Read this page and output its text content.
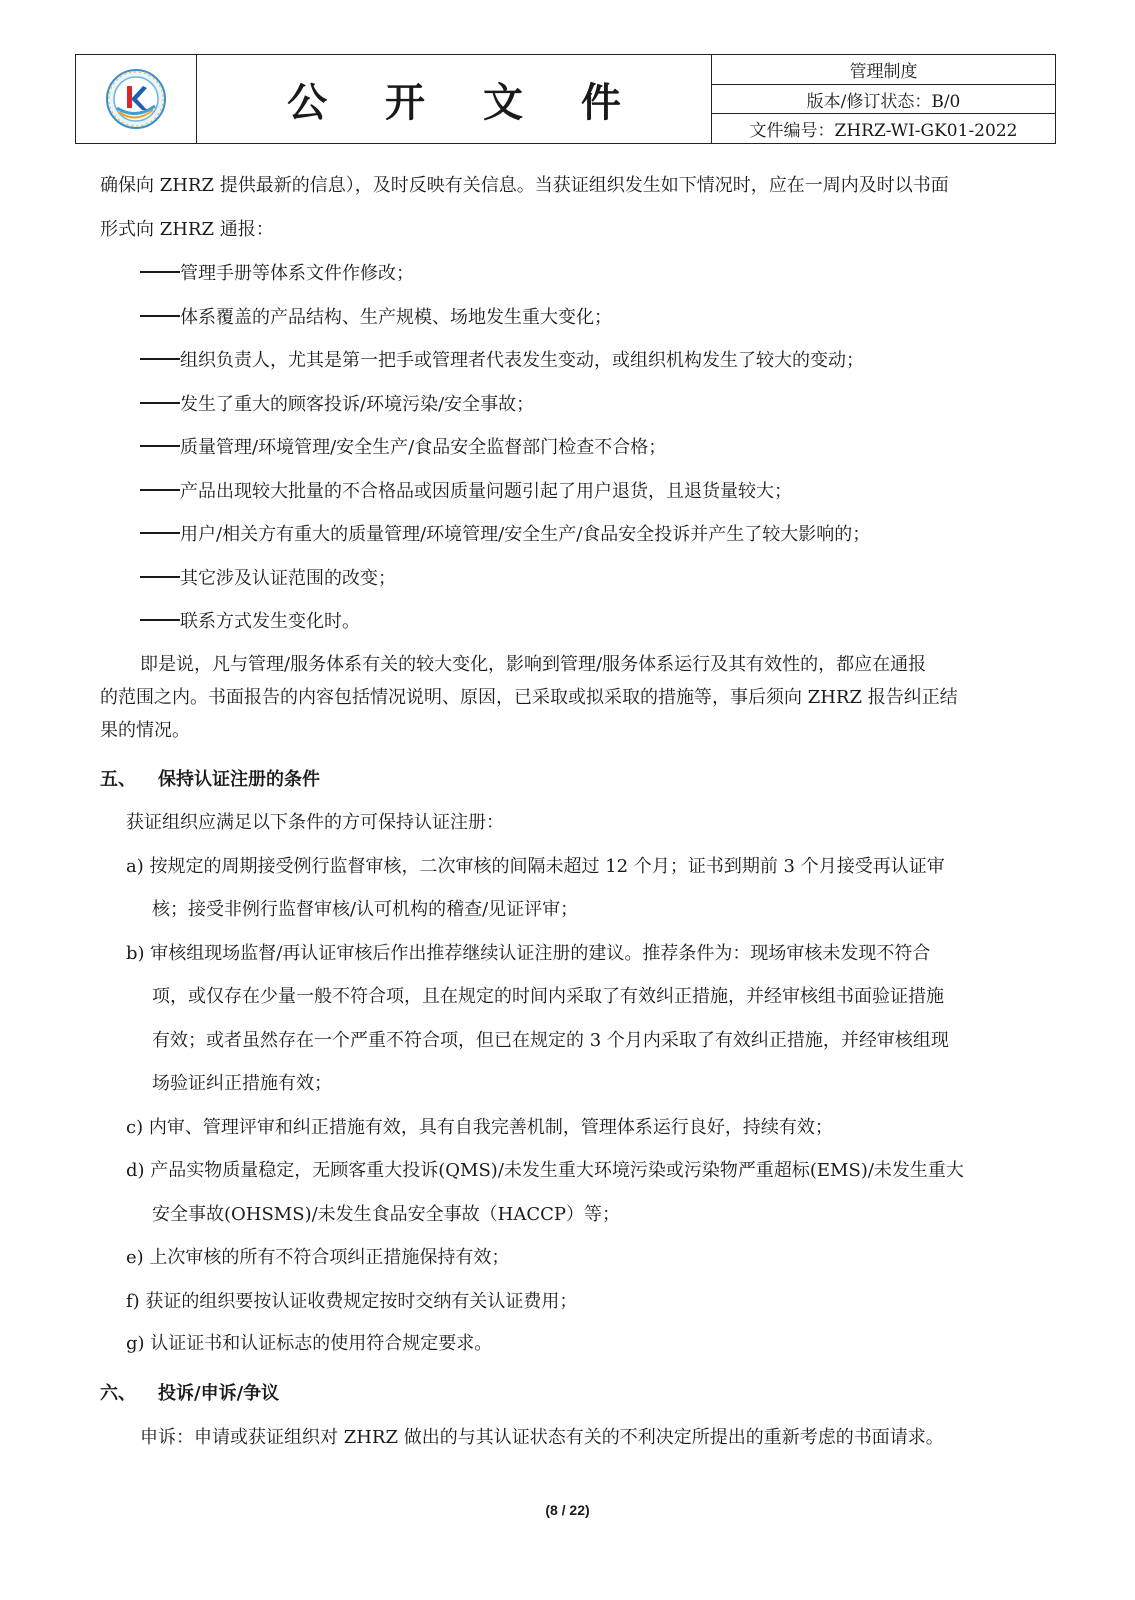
公 开 文 件
管理制度
版本/修订状态：B/0
文件编号：ZHRZ-WI-GK01-2022
确保向 ZHRZ 提供最新的信息），及时反映有关信息。当获证组织发生如下情况时，应在一周内及时以书面
形式向 ZHRZ 通报：
管理手册等体系文件作修改；
体系覆盖的产品结构、生产规模、场地发生重大变化；
组织负责人，尤其是第一把手或管理者代表发生变动，或组织机构发生了较大的变动；
发生了重大的顾客投诉/环境污染/安全事故；
质量管理/环境管理/安全生产/食品安全监督部门检查不合格；
产品出现较大批量的不合格品或因质量问题引起了用户退货，且退货量较大；
用户/相关方有重大的质量管理/环境管理/安全生产/食品安全投诉并产生了较大影响的；
其它涉及认证范围的改变；
联系方式发生变化时。
即是说，凡与管理/服务体系有关的较大变化，影响到管理/服务体系运行及其有效性的，都应在通报
的范围之内。书面报告的内容包括情况说明、原因，已采取或拟采取的措施等，事后须向 ZHRZ 报告纠正结
果的情况。
五、 保持认证注册的条件
获证组织应满足以下条件的方可保持认证注册：
a) 按规定的周期接受例行监督审核，二次审核的间隔未超过 12 个月；证书到期前 3 个月接受再认证审
核；接受非例行监督审核/认可机构的稽查/见证评审；
b) 审核组现场监督/再认证审核后作出推荐继续认证注册的建议。推荐条件为：现场审核未发现不符合
项，或仅存在少量一般不符合项，且在规定的时间内采取了有效纠正措施，并经审核组书面验证措施
有效；或者虽然存在一个严重不符合项，但已在规定的 3 个月内采取了有效纠正措施，并经审核组现
场验证纠正措施有效；
c) 内审、管理评审和纠正措施有效，具有自我完善机制，管理体系运行良好，持续有效；
d) 产品实物质量稳定，无顾客重大投诉(QMS)/未发生重大环境污染或污染物严重超标(EMS)/未发生重大
安全事故(OHSMS)/未发生食品安全事故（HACCP）等；
e) 上次审核的所有不符合项纠正措施保持有效；
f) 获证的组织要按认证收费规定按时交纳有关认证费用；
g) 认证证书和认证标志的使用符合规定要求。
六、 投诉/申诉/争议
申诉：申请或获证组织对 ZHRZ 做出的与其认证状态有关的不利决定所提出的重新考虑的书面请求。
(8 / 22)
